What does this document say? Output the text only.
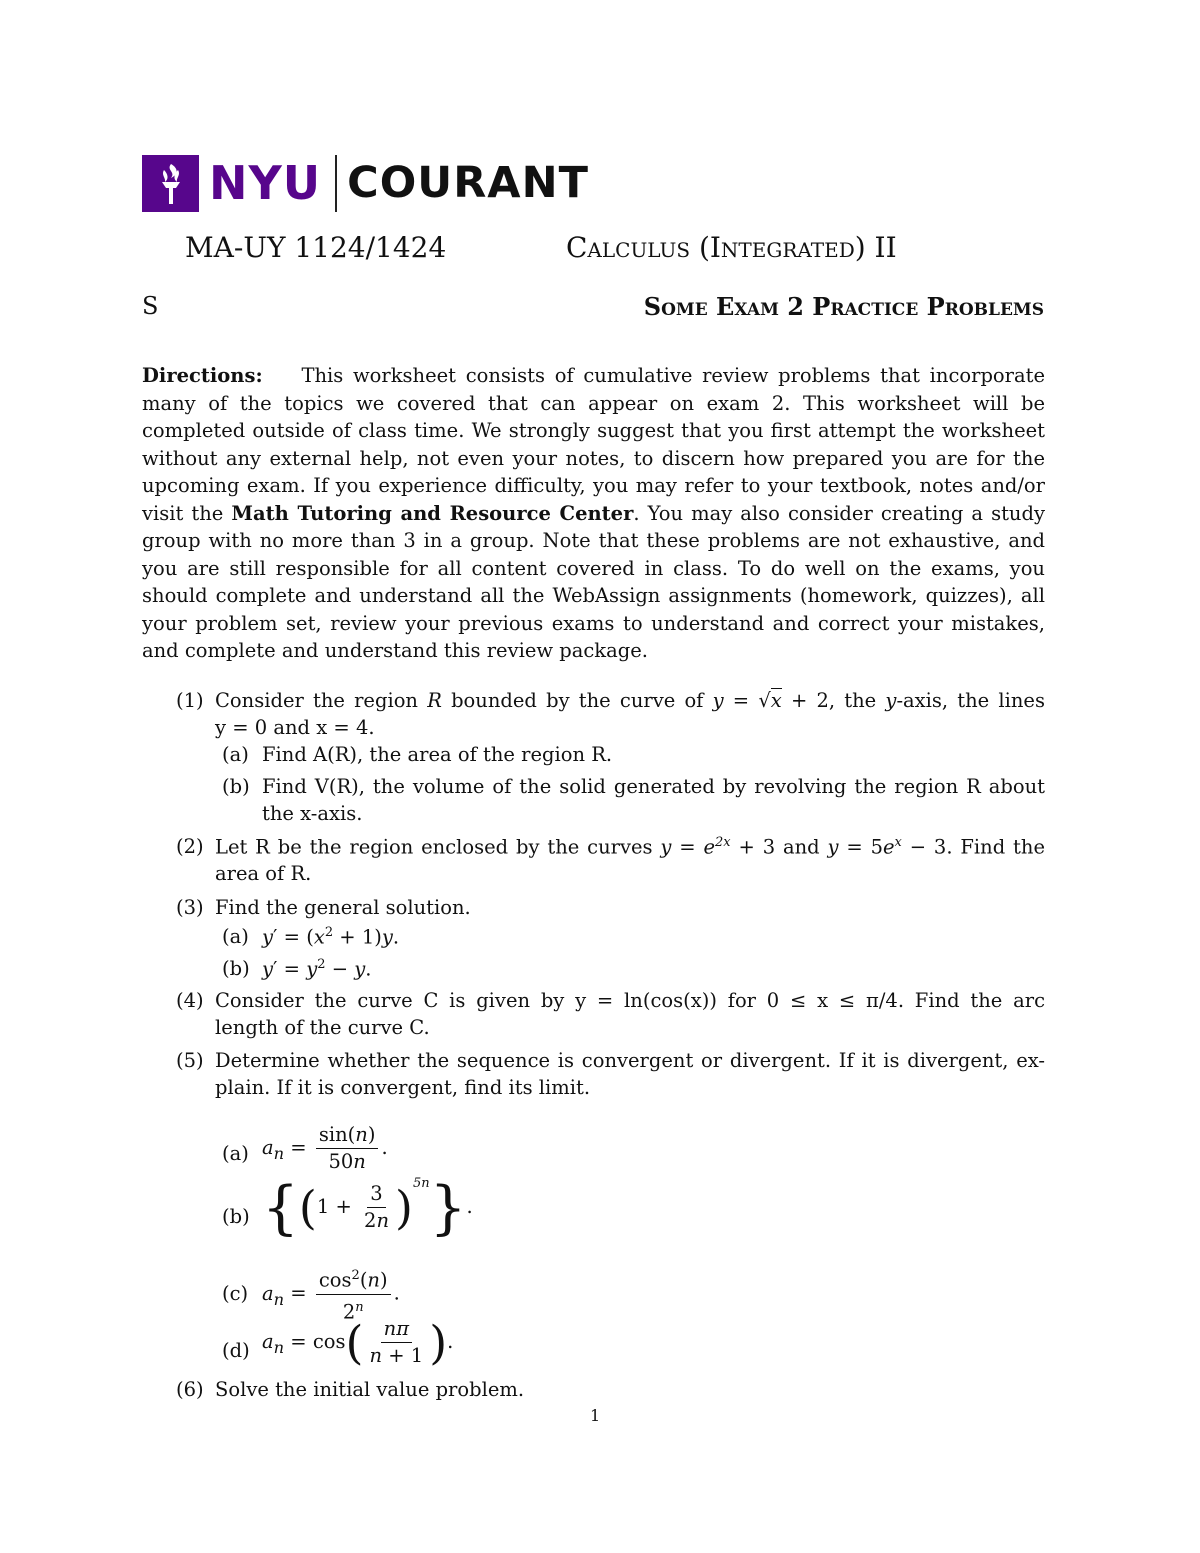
NYU COURANT
MA-UY 1124/1424	Calculus (Integrated) II
S	Some Exam 2 Practice Problems
Directions: This worksheet consists of cumulative review problems that incorporate many of the topics we covered that can appear on exam 2. This worksheet will be completed outside of class time. We strongly suggest that you first attempt the worksheet without any external help, not even your notes, to discern how prepared you are for the upcoming exam. If you experience difficulty, you may refer to your textbook, notes and/or visit the Math Tutoring and Resource Center. You may also consider creating a study group with no more than 3 in a group. Note that these problems are not exhaustive, and you are still responsible for all content covered in class. To do well on the exams, you should complete and understand all the WebAssign assignments (homework, quizzes), all your problem set, review your previous exams to understand and correct your mistakes, and complete and understand this review package.
(1) Consider the region R bounded by the curve of y = √x + 2, the y-axis, the lines
y = 0 and x = 4.
(a) Find A(R), the area of the region R.
(b) Find V(R), the volume of the solid generated by revolving the region R about
the x-axis.
(2) Let R be the region enclosed by the curves $y = e^{2x} + 3$ and $y = 5e^x - 3$. Find the
area of R.
(3) Find the general solution.
(a) $y' = (x^2 + 1)y$.
(b) $y' = y^2 - y$.
(4) Consider the curve C is given by y = ln(cos(x)) for 0 ≤ x ≤ π/4. Find the arc
length of the curve C.
(5) Determine whether the sequence is convergent or divergent. If it is divergent, ex-
plain. If it is convergent, find its limit.
(a) $a_n = \frac{\sin(n)}{50n}$ .
(b) $\{(1 + \frac{3}{2n} )^{5n}\}$.
(c) $a_n = \frac{\cos^2(n)}{2^n}$ .
(d) $a_n = \cos( \frac{n\pi}{n + 1}$ ).
(6) Solve the initial value problem.
1
